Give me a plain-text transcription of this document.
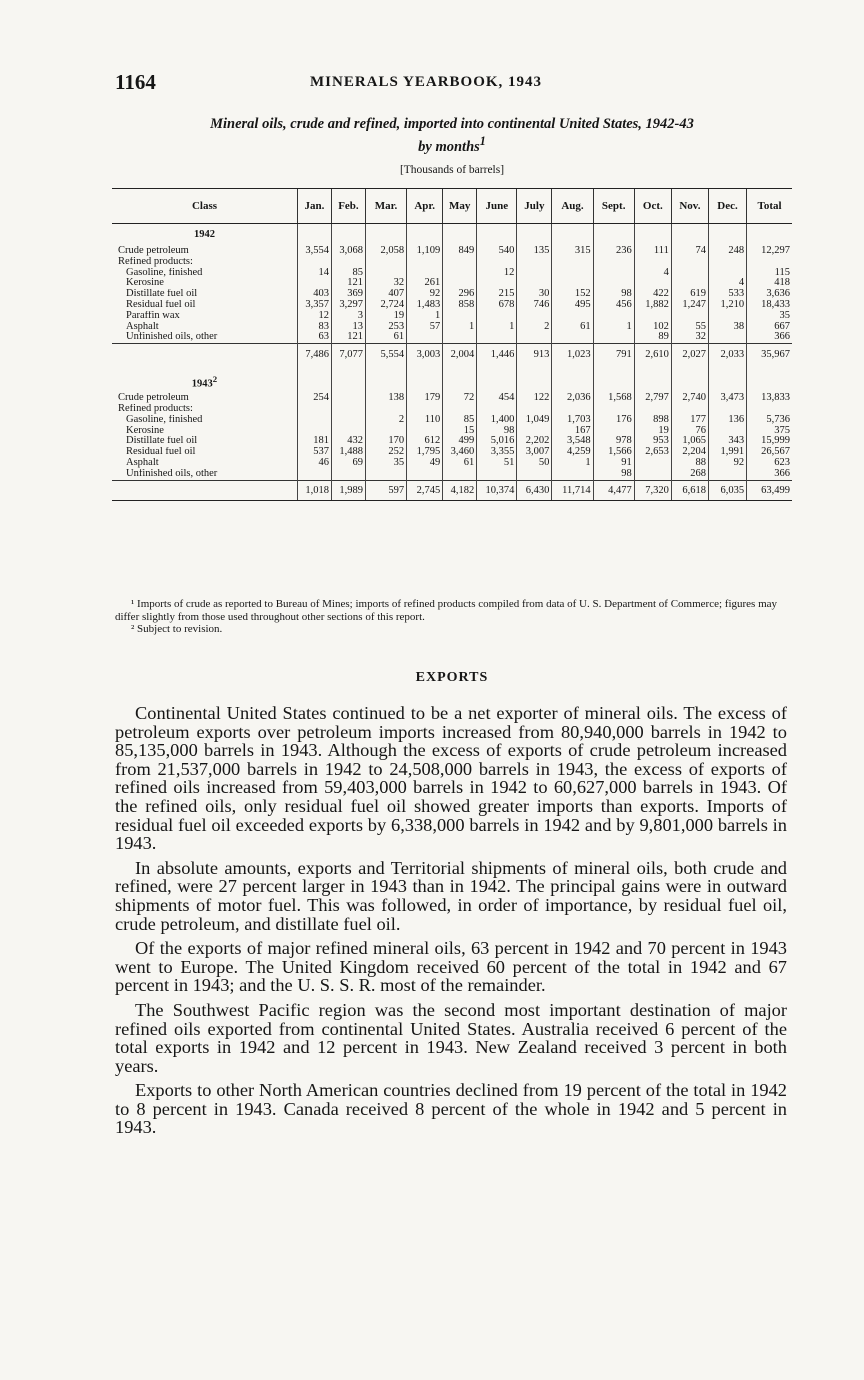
1164	MINERALS YEARBOOK, 1943
Mineral oils, crude and refined, imported into continental United States, 1942-43
by months$^1$
[Thousands of barrels]
Class	Jan.	Feb.	Mar.	Apr.	May	June	July	Aug.	Sept.	Oct.	Nov.	Dec.	Total
1942													
Crude petroleum	3,554	3,068	2,058	1,109	849	540	135	315	236	111	74	248	12,297
Refined products:													
Gasoline, finished	14	85				12				4			115
Kerosine		121	32	261								4	418
Distillate fuel oil	403	369	407	92	296	215	30	152	98	422	619	533	3,636
Residual fuel oil	3,357	3,297	2,724	1,483	858	678	746	495	456	1,882	1,247	1,210	18,433
Paraffin wax	12	3	19	1									35
Asphalt	83	13	253	57	1	1	2	61	1	102	55	38	667
Unfinished oils, other	63	121	61							89	32		366
	7,486	7,077	5,554	3,003	2,004	1,446	913	1,023	791	2,610	2,027	2,033	35,967
1943$^2$													
Crude petroleum	254		138	179	72	454	122	2,036	1,568	2,797	2,740	3,473	13,833
Refined products:													
Gasoline, finished			2	110	85	1,400	1,049	1,703	176	898	177	136	5,736
Kerosine					15	98		167		19	76		375
Distillate fuel oil	181	432	170	612	499	5,016	2,202	3,548	978	953	1,065	343	15,999
Residual fuel oil	537	1,488	252	1,795	3,460	3,355	3,007	4,259	1,566	2,653	2,204	1,991	26,567
Asphalt	46	69	35	49	61	51	50	1	91		88	92	623
Unfinished oils, other									98		268		366
	1,018	1,989	597	2,745	4,182	10,374	6,430	11,714	4,477	7,320	6,618	6,035	63,499

¹ Imports of crude as reported to Bureau of Mines; imports of refined products compiled from data of U. S. Department of Commerce; figures may differ slightly from those used throughout other sections of this report.

² Subject to revision.

EXPORTS

Continental United States continued to be a net exporter of mineral oils. The excess of petroleum exports over petroleum imports increased from 80,940,000 barrels in 1942 to 85,135,000 barrels in 1943. Although the excess of exports of crude petroleum increased from 21,537,000 barrels in 1942 to 24,508,000 barrels in 1943, the excess of exports of refined oils increased from 59,403,000 barrels in 1942 to 60,627,000 barrels in 1943. Of the refined oils, only residual fuel oil showed greater imports than exports. Imports of residual fuel oil exceeded exports by 6,338,000 barrels in 1942 and by 9,801,000 barrels in 1943.

In absolute amounts, exports and Territorial shipments of mineral oils, both crude and refined, were 27 percent larger in 1943 than in 1942. The principal gains were in outward shipments of motor fuel. This was followed, in order of importance, by residual fuel oil, crude petroleum, and distillate fuel oil.

Of the exports of major refined mineral oils, 63 percent in 1942 and 70 percent in 1943 went to Europe. The United Kingdom received 60 percent of the total in 1942 and 67 percent in 1943; and the U. S. S. R. most of the remainder.

The Southwest Pacific region was the second most important destination of major refined oils exported from continental United States. Australia received 6 percent of the total exports in 1942 and 12 percent in 1943. New Zealand received 3 percent in both years.

Exports to other North American countries declined from 19 percent of the total in 1942 to 8 percent in 1943. Canada received 8 percent of the whole in 1942 and 5 percent in 1943.
